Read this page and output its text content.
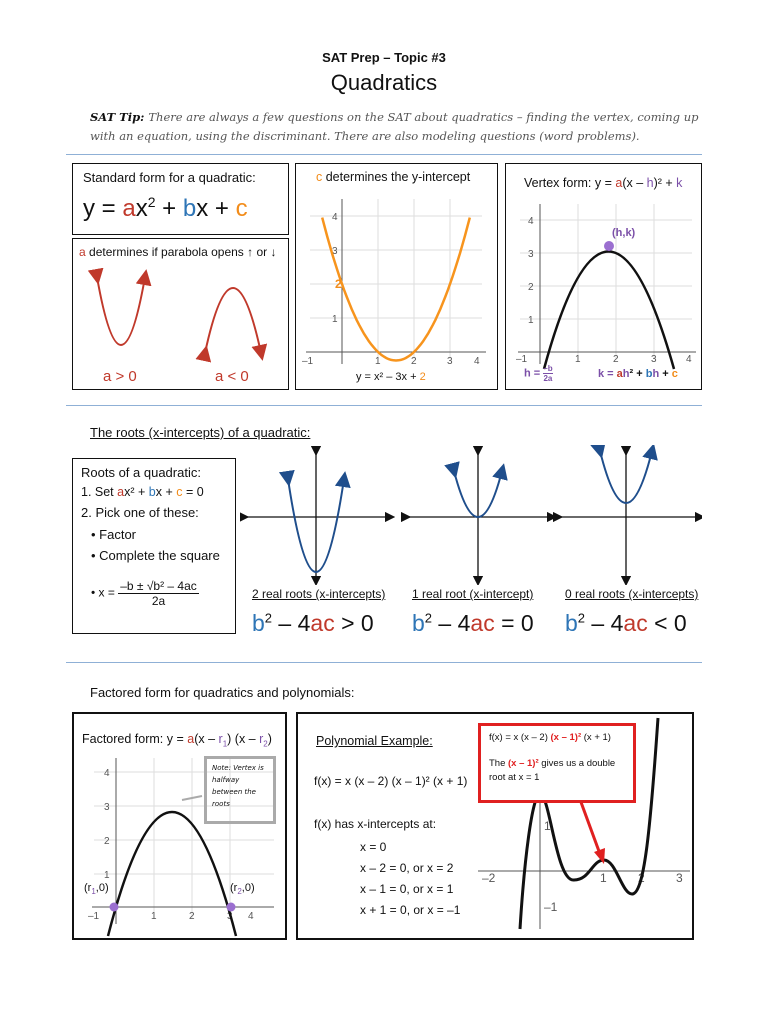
SAT Prep – Topic #3
Quadratics
SAT Tip: There are always a few questions on the SAT about quadratics – finding the vertex, coming up with an equation, using the discriminant. There are also modeling questions (word problems).
Standard form for a quadratic:
$y = ax^2$ + bx + c
a determines if parabola opens ↑ or ↓
a > 0	a < 0
c determines the y-intercept
4
3
1
–1	1	2	3 4
2
y = x² – 3x + 2
Vertex form: y = a(x – h)² + k
4
3
2
1
–1	1	2	3	4
(h,k)
$h = \frac{-b}{2a}$	k = ah² + bh + c
The roots (x-intercepts) of a quadratic:
Roots of a quadratic:
1. Set ax² + bx + c = 0
2. Pick one of these:
• Factor
• Complete the square
• $x = \frac{\text{–b ± √b² – 4ac}}{2a}$	2 real roots (x-intercepts) 1 real root (x-intercept)	0 real roots (x-intercepts)
$b^2 - 4ac > 0$ $b^2 - 4ac = 0$ $b^2 - 4ac < 0$
Factored form for quadratics and polynomials:
Factored form: $y = a(x - r_1)$ $(x - r_2)$
4
3
2
1
–1	1	2	3 4
Note: Vertex is halfway between the roots
$(r_1,0)$	$(r_2,0)$
Polynomial Example:
f(x) = x (x – 2) (x – 1)² (x + 1)
f(x) has x-intercepts at:
x = 0
x – 2 = 0, or x = 2
x – 1 = 0, or x = 1
x + 1 = 0, or x = –1
–2	1	2	3
1
–1
f(x) = x (x – 2) (x – 1)² (x + 1)
The (x – 1)² gives us a double root at x = 1
